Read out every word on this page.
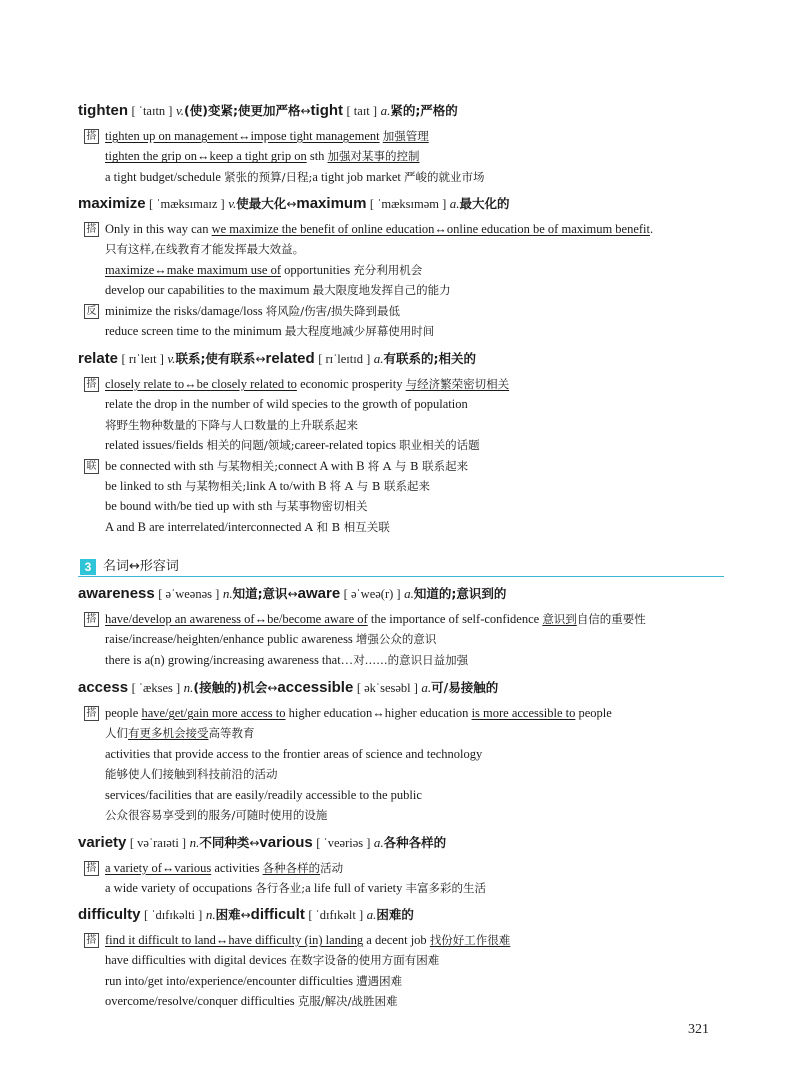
tighten [ ˈtaɪtn ] v.(使)变紧;使更加严格↔tight [ taɪt ] a.紧的;严格的
搭 tighten up on management↔impose tight management 加强管理
tighten the grip on↔keep a tight grip on sth 加强对某事的控制
a tight budget/schedule 紧张的预算/日程;a tight job market 严峻的就业市场
maximize [ ˈmæksɪmaɪz ] v.使最大化↔maximum [ ˈmæksɪməm ] a.最大化的
搭 Only in this way can we maximize the benefit of online education↔online education be of maximum benefit.
只有这样,在线教育才能发挥最大效益。
maximize↔make maximum use of opportunities 充分利用机会
develop our capabilities to the maximum 最大限度地发挥自己的能力
反 minimize the risks/damage/loss 将风险/伤害/损失降到最低
reduce screen time to the minimum 最大程度地减少屏幕使用时间
relate [ rɪˈleɪt ] v.联系;使有联系↔related [ rɪˈleɪtɪd ] a.有联系的;相关的
搭 closely relate to↔be closely related to economic prosperity 与经济繁荣密切相关
relate the drop in the number of wild species to the growth of population
将野生物种数量的下降与人口数量的上升联系起来
related issues/fields 相关的问题/领域;career-related topics 职业相关的话题
联 be connected with sth 与某物相关;connect A with B 将 A 与 B 联系起来
be linked to sth 与某物相关;link A to/with B 将 A 与 B 联系起来
be bound with/be tied up with sth 与某事物密切相关
A and B are interrelated/interconnected A 和 B 相互关联
3 名词↔形容词
awareness [ əˈweənəs ] n.知道;意识↔aware [ əˈweə(r) ] a.知道的;意识到的
搭 have/develop an awareness of↔be/become aware of the importance of self-confidence 意识到自信的重要性
raise/increase/heighten/enhance public awareness 增强公众的意识
there is a(n) growing/increasing awareness that…对……的意识日益加强
access [ ˈækses ] n.(接触的)机会↔accessible [ əkˈsesəbl ] a.可/易接触的
搭 people have/get/gain more access to higher education↔higher education is more accessible to people
人们有更多机会接受高等教育
activities that provide access to the frontier areas of science and technology
能够使人们接触到科技前沿的活动
services/facilities that are easily/readily accessible to the public
公众很容易享受到的服务/可随时使用的设施
variety [ vəˈraɪəti ] n.不同种类↔various [ ˈveəriəs ] a.各种各样的
搭 a variety of↔various activities 各种各样的活动
a wide variety of occupations 各行各业;a life full of variety 丰富多彩的生活
difficulty [ ˈdɪfɪkəlti ] n.困难↔difficult [ ˈdɪfɪkəlt ] a.困难的
搭 find it difficult to land↔have difficulty (in) landing a decent job 找份好工作很难
have difficulties with digital devices 在数字设备的使用方面有困难
run into/get into/experience/encounter difficulties 遭遇困难
overcome/resolve/conquer difficulties 克服/解决/战胜困难
321
